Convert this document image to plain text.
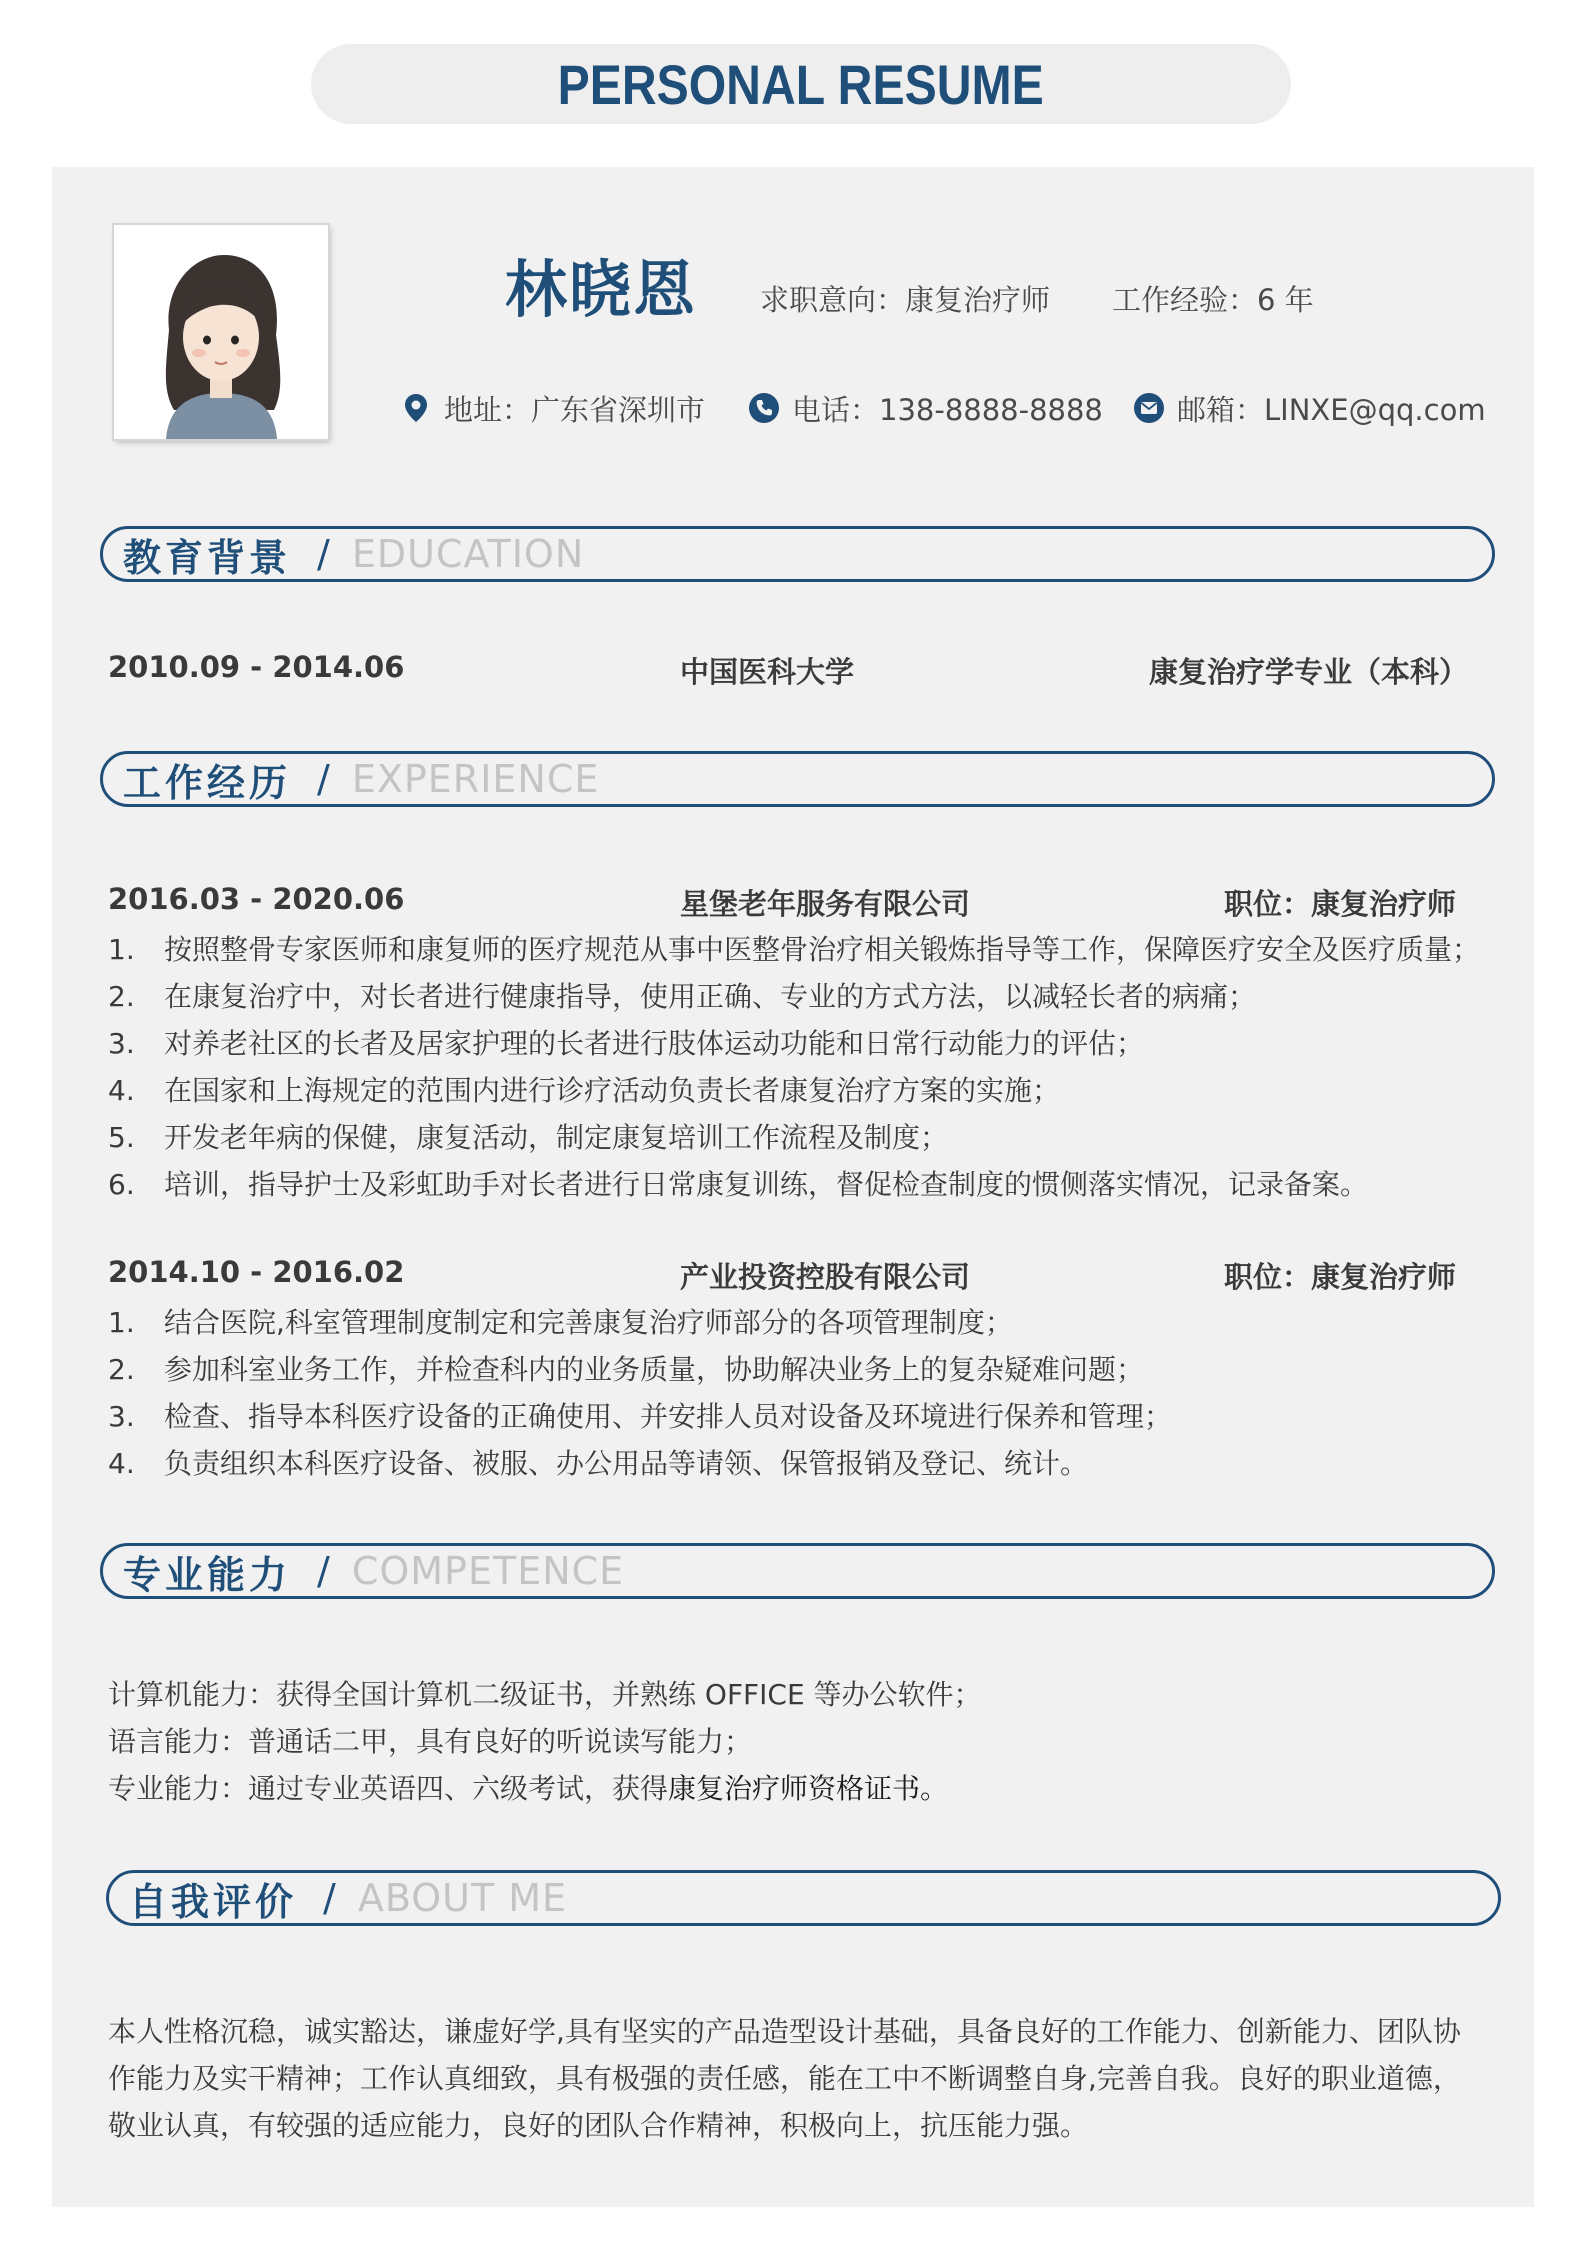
PERSONAL RESUME
林晓恩 求职意向：康复治疗师 工作经验：6 年
地址：广东省深圳市	电话：138-8888-8888	邮箱：LINXE@qq.com
教育背景 / EDUCATION
2010.09 - 2014.06	中国医科大学	康复治疗学专业（本科）
工作经历 / EXPERIENCE
2016.03 - 2020.06	星堡老年服务有限公司	职位：康复治疗师
1. 按照整骨专家医师和康复师的医疗规范从事中医整骨治疗相关锻炼指导等工作，保障医疗安全及医疗质量；
2. 在康复治疗中，对长者进行健康指导，使用正确、专业的方式方法，以减轻长者的病痛；
3. 对养老社区的长者及居家护理的长者进行肢体运动功能和日常行动能力的评估；
4. 在国家和上海规定的范围内进行诊疗活动负责长者康复治疗方案的实施；
5. 开发老年病的保健，康复活动，制定康复培训工作流程及制度；
6. 培训，指导护士及彩虹助手对长者进行日常康复训练，督促检查制度的惯侧落实情况，记录备案。
2014.10 - 2016.02	产业投资控股有限公司	职位：康复治疗师
1. 结合医院,科室管理制度制定和完善康复治疗师部分的各项管理制度；
2. 参加科室业务工作，并检查科内的业务质量，协助解决业务上的复杂疑难问题；
3. 检查、指导本科医疗设备的正确使用、并安排人员对设备及环境进行保养和管理；
4. 负责组织本科医疗设备、被服、办公用品等请领、保管报销及登记、统计。
专业能力 / COMPETENCE
计算机能力：获得全国计算机二级证书，并熟练 OFFICE 等办公软件；
语言能力：普通话二甲，具有良好的听说读写能力；
专业能力：通过专业英语四、六级考试，获得康复治疗师资格证书。
自我评价 / ABOUT ME
本人性格沉稳，诚实豁达，谦虚好学,具有坚实的产品造型设计基础，具备良好的工作能力、创新能力、团队协作能力及实干精神；工作认真细致，具有极强的责任感，能在工中不断调整自身,完善自我。良好的职业道德，敬业认真，有较强的适应能力，良好的团队合作精神，积极向上，抗压能力强。
